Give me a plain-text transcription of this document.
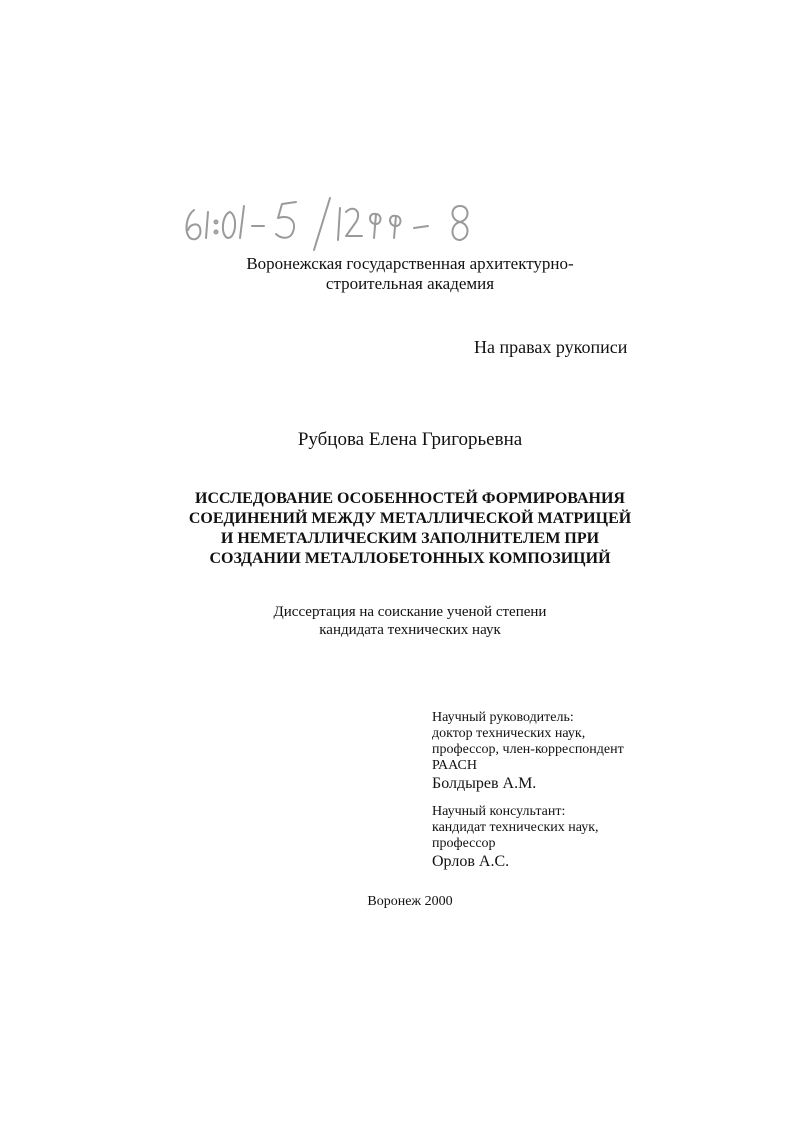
Воронежская государственная архитектурно-
строительная академия
На правах рукописи
Рубцова Елена Григорьевна
ИССЛЕДОВАНИЕ ОСОБЕННОСТЕЙ ФОРМИРОВАНИЯ
СОЕДИНЕНИЙ МЕЖДУ МЕТАЛЛИЧЕСКОЙ МАТРИЦЕЙ
И НЕМЕТАЛЛИЧЕСКИМ ЗАПОЛНИТЕЛЕМ ПРИ
СОЗДАНИИ МЕТАЛЛОБЕТОННЫХ КОМПОЗИЦИЙ
Диссертация на соискание ученой степени
кандидата технических наук
Научный руководитель:
доктор технических наук,
профессор, член-корреспондент
РААСН
Болдырев А.М.
Научный консультант:
кандидат технических наук,
профессор
Орлов А.С.
Воронеж 2000
